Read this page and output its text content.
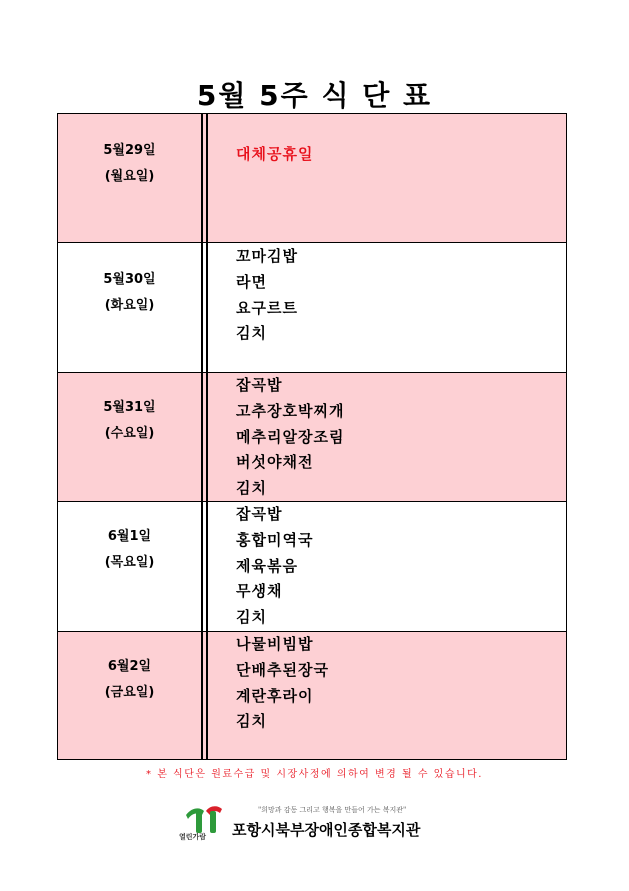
5월 5주 식 단 표
5월29일
(월요일)
대체공휴일
5월30일
(화요일)
꼬마김밥
라면
요구르트
김치
5월31일
(수요일)
잡곡밥
고추장호박찌개
메추리알장조림
버섯야채전
김치
6월1일
(목요일)
잡곡밥
홍합미역국
제육볶음
무생채
김치
6월2일
(금요일)
나물비빔밥
단배추된장국
계란후라이
김치
* 본 식단은 원료수급 및 시장사정에 의하여 변경 될 수 있습니다.
열린가람
"희망과 감동 그리고 행복을 만들어 가는 복지관"
포항시북부장애인종합복지관
